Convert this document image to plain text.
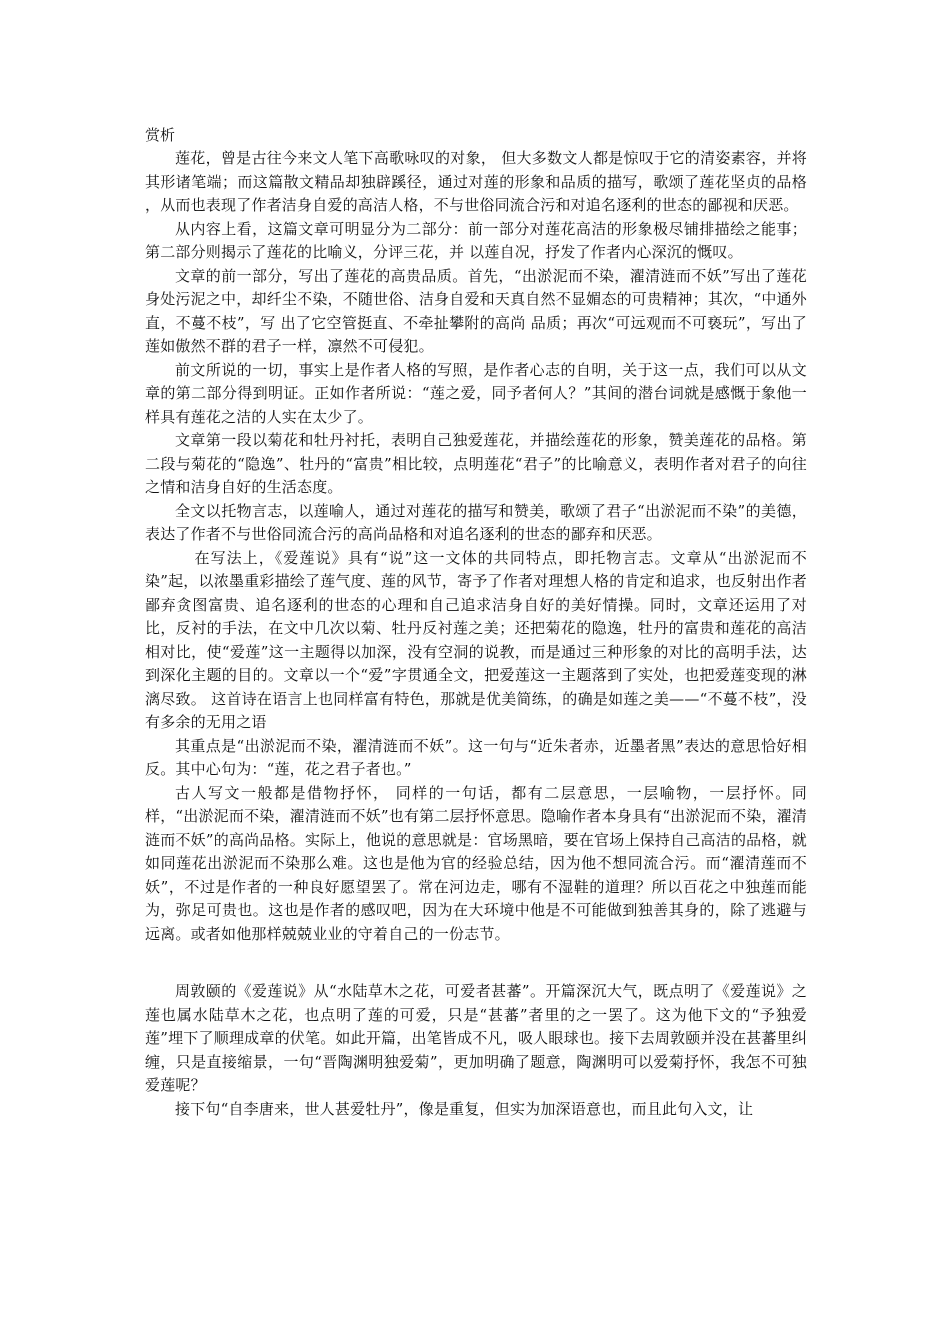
赏析

莲花，曾是古往今来文人笔下高歌咏叹的对象， 但大多数文人都是惊叹于它的清姿素容，并将其形诸笔端；而这篇散文精品却独辟蹊径，通过对莲的形象和品质的描写，歌颂了莲花坚贞的品格 ，从而也表现了作者洁身自爱的高洁人格，不与世俗同流合污和对追名逐利的世态的鄙视和厌恶。

从内容上看，这篇文章可明显分为二部分：前一部分对莲花高洁的形象极尽铺排描绘之能事；第二部分则揭示了莲花的比喻义，分评三花，并 以莲自况，抒发了作者内心深沉的慨叹。

文章的前一部分，写出了莲花的高贵品质。首先，“出淤泥而不染，濯清涟而不妖”写出了莲花身处污泥之中，却纤尘不染，不随世俗、洁身自爱和天真自然不显媚态的可贵精神；其次，“中通外直，不蔓不枝”，写 出了它空管挺直、不牵扯攀附的高尚 品质；再次“可远观而不可亵玩”，写出了莲如傲然不群的君子一样，凛然不可侵犯。

前文所说的一切，事实上是作者人格的写照，是作者心志的自明，关于这一点，我们可以从文章的第二部分得到明证。正如作者所说：“莲之爱，同予者何人？”其间的潜台词就是感慨于象他一样具有莲花之洁的人实在太少了。

文章第一段以菊花和牡丹衬托，表明自己独爱莲花，并描绘莲花的形象，赞美莲花的品格。第二段与菊花的“隐逸”、牡丹的“富贵”相比较，点明莲花“君子”的比喻意义，表明作者对君子的向往之情和洁身自好的生活态度。

全文以托物言志，以莲喻人，通过对莲花的描写和赞美，歌颂了君子“出淤泥而不染”的美德，表达了作者不与世俗同流合污的高尚品格和对追名逐利的世态的鄙弃和厌恶。

在写法上，《爱莲说》具有“说”这一文体的共同特点，即托物言志。文章从“出淤泥而不染”起，以浓墨重彩描绘了莲气度、莲的风节，寄予了作者对理想人格的肯定和追求，也反射出作者鄙弃贪图富贵、追名逐利的世态的心理和自己追求洁身自好的美好情操。同时，文章还运用了对比，反衬的手法，在文中几次以菊、牡丹反衬莲之美；还把菊花的隐逸，牡丹的富贵和莲花的高洁相对比，使“爱莲”这一主题得以加深，没有空洞的说教，而是通过三种形象的对比的高明手法，达到深化主题的目的。文章以一个“爱”字贯通全文，把爱莲这一主题落到了实处，也把爱莲变现的淋漓尽致。 这首诗在语言上也同样富有特色，那就是优美简练，的确是如莲之美——“不蔓不枝”，没有多余的无用之语

其重点是“出淤泥而不染，濯清涟而不妖”。这一句与“近朱者赤，近墨者黑”表达的意思恰好相反。其中心句为：“莲，花之君子者也。”

古人写文一般都是借物抒怀， 同样的一句话，都有二层意思，一层喻物，一层抒怀。同样，“出淤泥而不染，濯清涟而不妖”也有第二层抒怀意思。隐喻作者本身具有“出淤泥而不染，濯清涟而不妖”的高尚品格。实际上，他说的意思就是：官场黑暗，要在官场上保持自己高洁的品格，就如同莲花出淤泥而不染那么难。这也是他为官的经验总结，因为他不想同流合污。而“濯清莲而不妖”，不过是作者的一种良好愿望罢了。常在河边走，哪有不湿鞋的道理？所以百花之中独莲而能为，弥足可贵也。这也是作者的感叹吧，因为在大环境中他是不可能做到独善其身的，除了逃避与远离。或者如他那样兢兢业业的守着自己的一份志节。

周敦颐的《爱莲说》从“水陆草木之花，可爱者甚蕃”。开篇深沉大气，既点明了《爱莲说》之莲也属水陆草木之花，也点明了莲的可爱，只是“甚蕃”者里的之一罢了。这为他下文的“予独爱莲”埋下了顺理成章的伏笔。如此开篇，出笔皆成不凡，吸人眼球也。接下去周敦颐并没在甚蕃里纠缠，只是直接缩景，一句“晋陶渊明独爱菊”，更加明确了题意，陶渊明可以爱菊抒怀，我怎不可独爱莲呢？

接下句“自李唐来，世人甚爱牡丹”，像是重复，但实为加深语意也，而且此句入文，让
